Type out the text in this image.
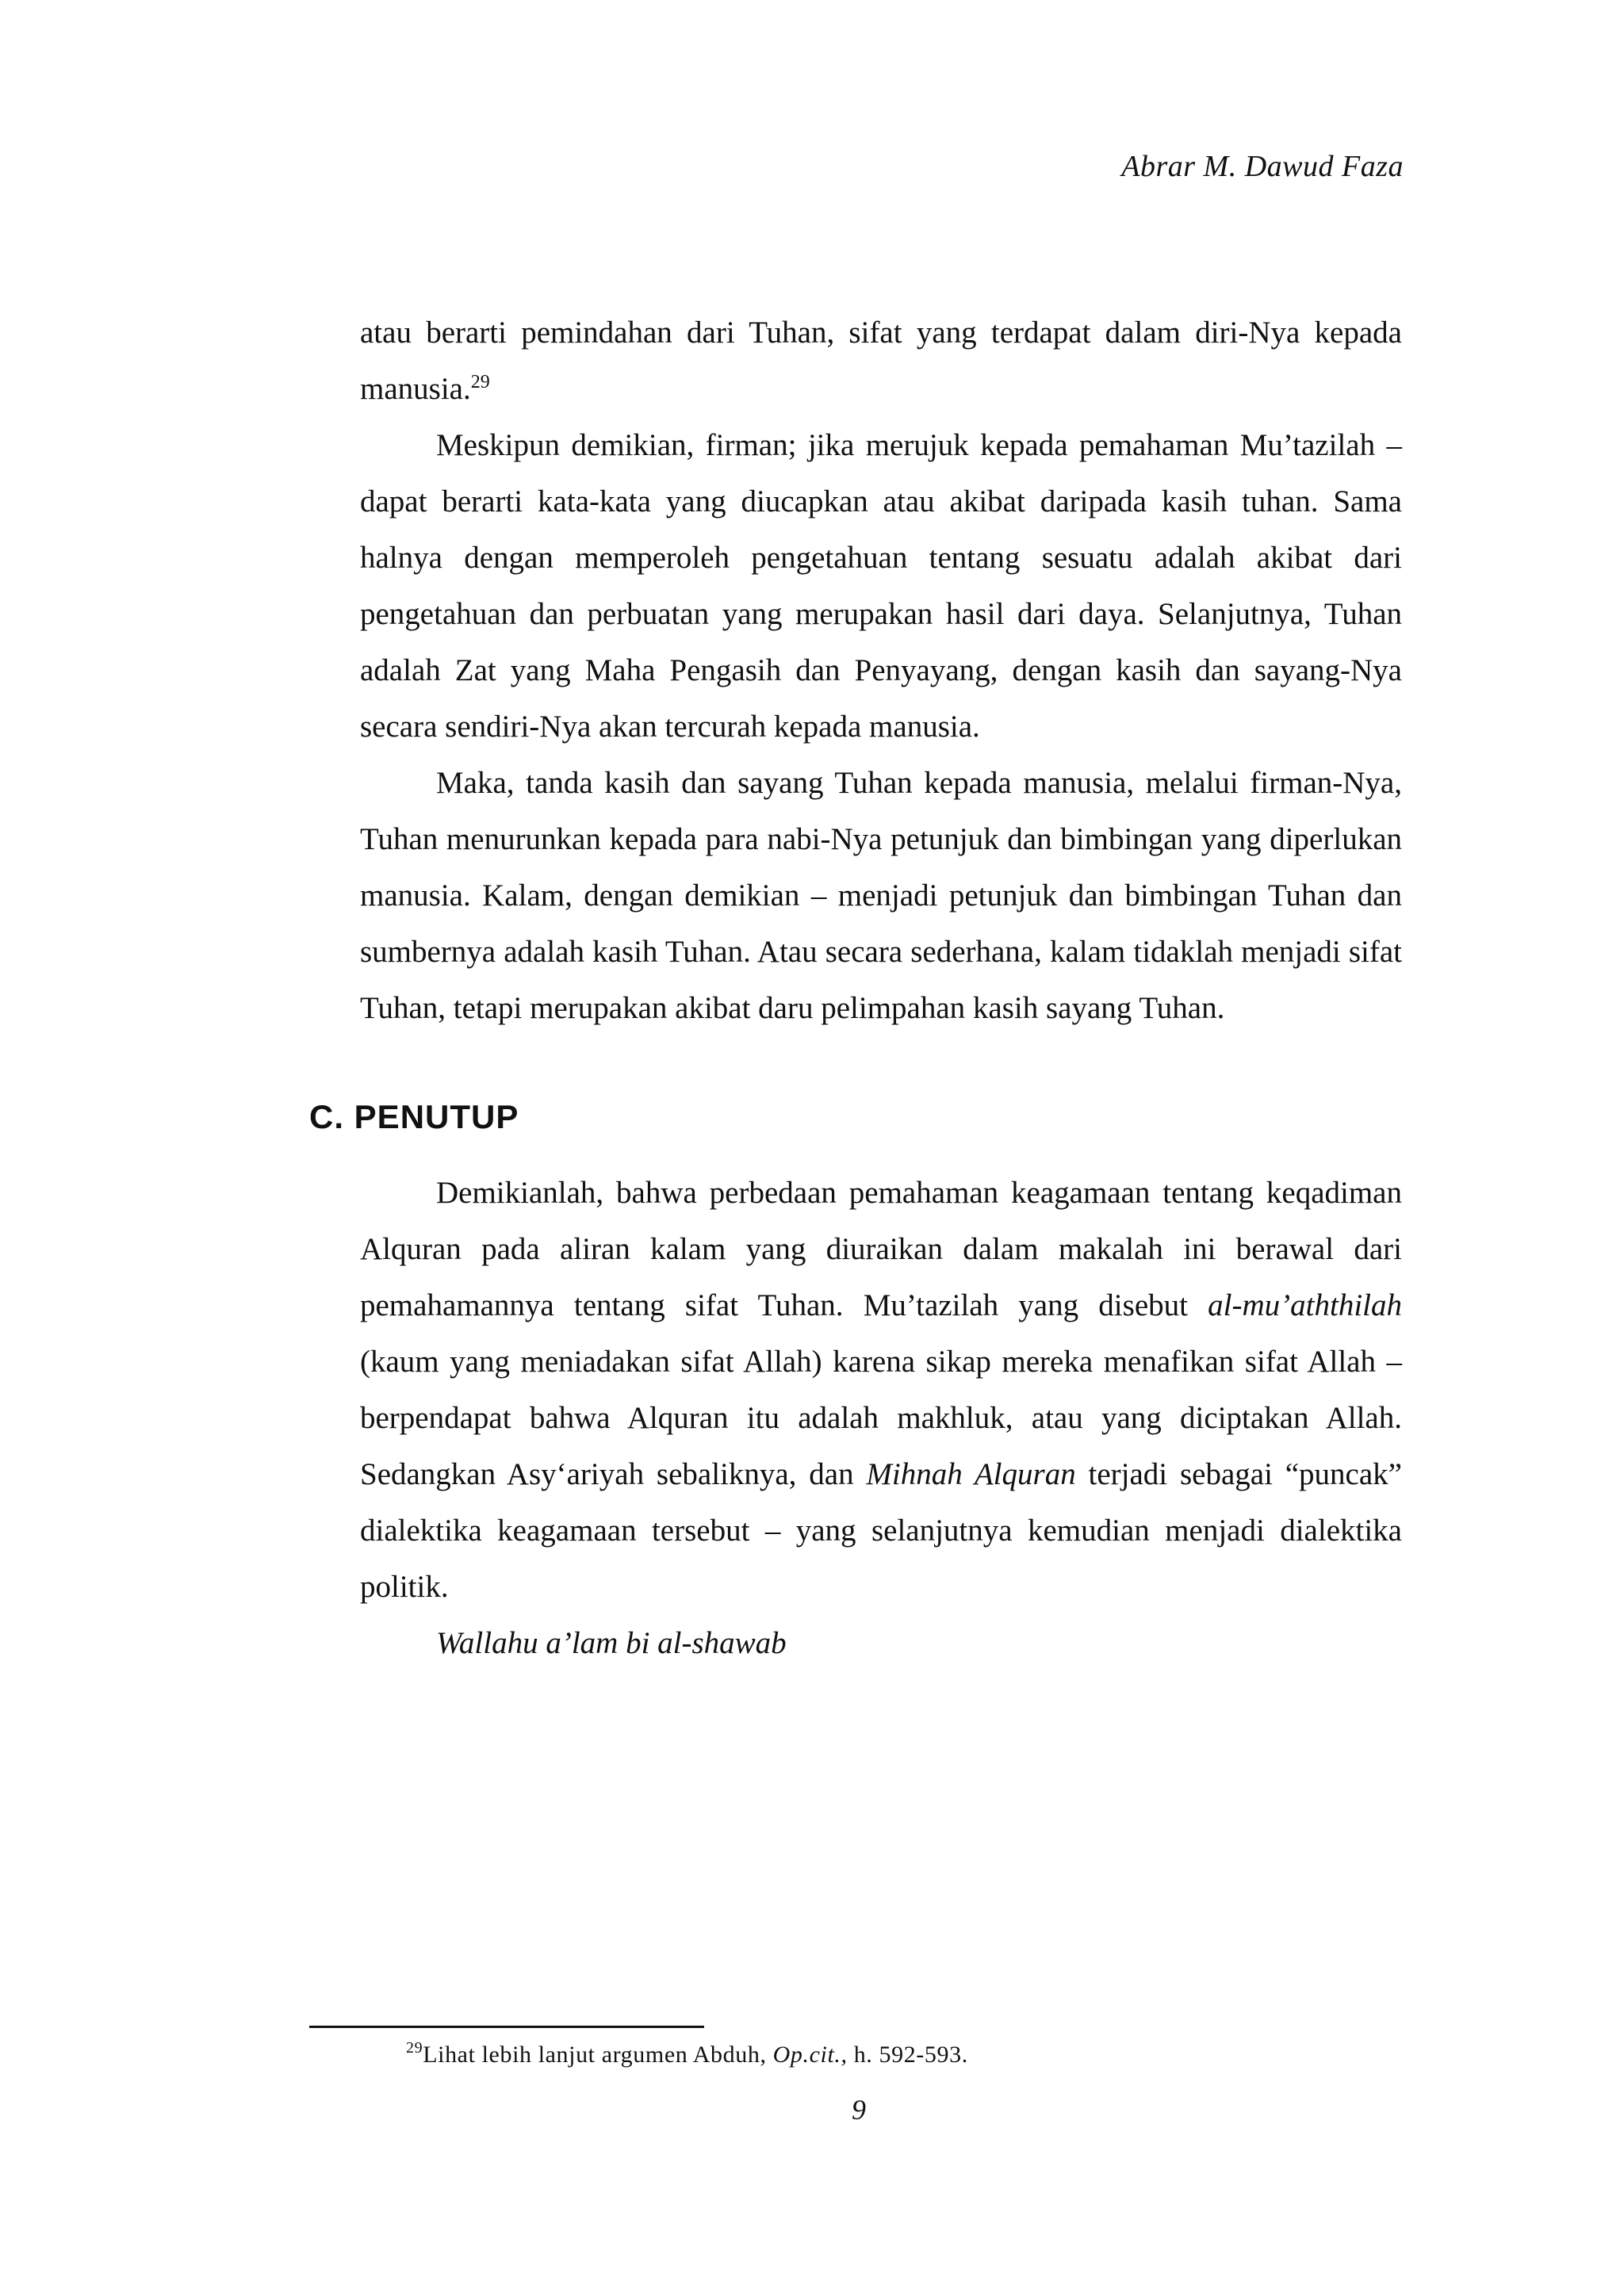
Abrar M. Dawud Faza

atau berarti pemindahan dari Tuhan, sifat yang terdapat dalam diri-Nya kepada manusia.$^{29}$

Meskipun demikian, firman; jika merujuk kepada pemahaman Mu’tazilah – dapat berarti kata-kata yang diucapkan atau akibat daripada kasih tuhan. Sama halnya dengan memperoleh pengetahuan tentang sesuatu adalah akibat dari pengetahuan dan perbuatan yang merupakan hasil dari daya. Selanjutnya, Tuhan adalah Zat yang Maha Pengasih dan Penyayang, dengan kasih dan sayang-Nya secara sendiri-Nya akan tercurah kepada manusia.

Maka, tanda kasih dan sayang Tuhan kepada manusia, melalui firman-Nya, Tuhan menurunkan kepada para nabi-Nya petunjuk dan bimbingan yang diperlukan manusia. Kalam, dengan demikian – menjadi petunjuk dan bimbingan Tuhan dan sumbernya adalah kasih Tuhan. Atau secara sederhana, kalam tidaklah menjadi sifat Tuhan, tetapi merupakan akibat daru pelimpahan kasih sayang Tuhan.

C. PENUTUP

Demikianlah, bahwa perbedaan pemahaman keagamaan tentang keqadiman Alquran pada aliran kalam yang diuraikan dalam makalah ini berawal dari pemahamannya tentang sifat Tuhan. Mu’tazilah yang disebut al-mu’aththilah (kaum yang meniadakan sifat Allah) karena sikap mereka menafikan sifat Allah – berpendapat bahwa Alquran itu adalah makhluk, atau yang diciptakan Allah. Sedangkan Asy‘ariyah sebaliknya, dan Mihnah Alquran terjadi sebagai “puncak” dialektika keagamaan tersebut – yang selanjutnya kemudian menjadi dialektika politik.

Wallahu a’lam bi al-shawab

$^{29}$Lihat lebih lanjut argumen Abduh, Op.cit., h. 592-593.

9
